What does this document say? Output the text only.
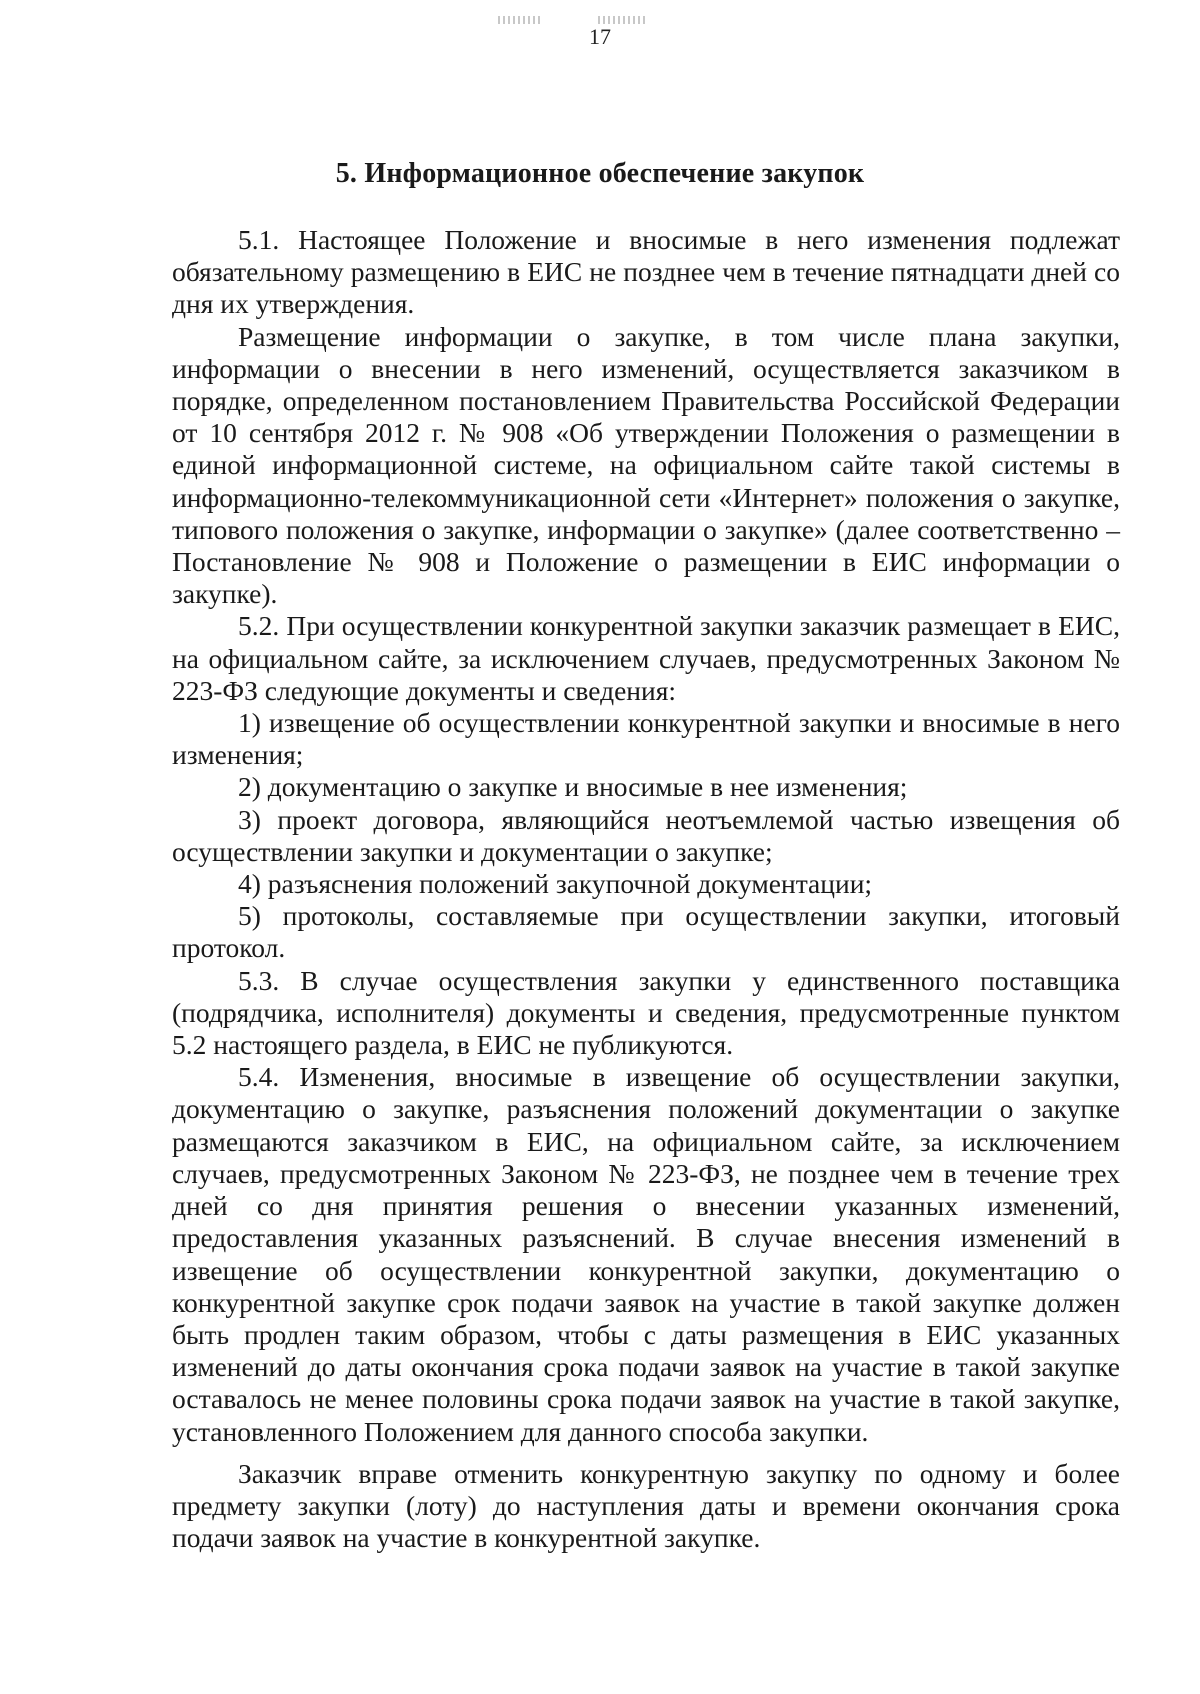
17
5. Информационное обеспечение закупок

5.1. Настоящее Положение и вносимые в него изменения подлежат обязательному размещению в ЕИС не позднее чем в течение пятнадцати дней со дня их утверждения.

Размещение информации о закупке, в том числе плана закупки, информации о внесении в него изменений, осуществляется заказчиком в порядке, определенном постановлением Правительства Российской Федерации от 10 сентября 2012 г. № 908 «Об утверждении Положения о размещении в единой информационной системе, на официальном сайте такой системы в информационно-телекоммуникационной сети «Интернет» положения о закупке, типового положения о закупке, информации о закупке» (далее соответственно – Постановление № 908 и Положение о размещении в ЕИС информации о закупке).

5.2. При осуществлении конкурентной закупки заказчик размещает в ЕИС, на официальном сайте, за исключением случаев, предусмотренных Законом № 223-ФЗ следующие документы и сведения:

1) извещение об осуществлении конкурентной закупки и вносимые в него изменения;

2) документацию о закупке и вносимые в нее изменения;

3) проект договора, являющийся неотъемлемой частью извещения об осуществлении закупки и документации о закупке;

4) разъяснения положений закупочной документации;

5) протоколы, составляемые при осуществлении закупки, итоговый протокол.

5.3. В случае осуществления закупки у единственного поставщика (подрядчика, исполнителя) документы и сведения, предусмотренные пунктом 5.2 настоящего раздела, в ЕИС не публикуются.

5.4. Изменения, вносимые в извещение об осуществлении закупки, документацию о закупке, разъяснения положений документации о закупке размещаются заказчиком в ЕИС, на официальном сайте, за исключением случаев, предусмотренных Законом № 223-ФЗ, не позднее чем в течение трех дней со дня принятия решения о внесении указанных изменений, предоставления указанных разъяснений. В случае внесения изменений в извещение об осуществлении конкурентной закупки, документацию о конкурентной закупке срок подачи заявок на участие в такой закупке должен быть продлен таким образом, чтобы с даты размещения в ЕИС указанных изменений до даты окончания срока подачи заявок на участие в такой закупке оставалось не менее половины срока подачи заявок на участие в такой закупке, установленного Положением для данного способа закупки.

Заказчик вправе отменить конкурентную закупку по одному и более предмету закупки (лоту) до наступления даты и времени окончания срока подачи заявок на участие в конкурентной закупке.
